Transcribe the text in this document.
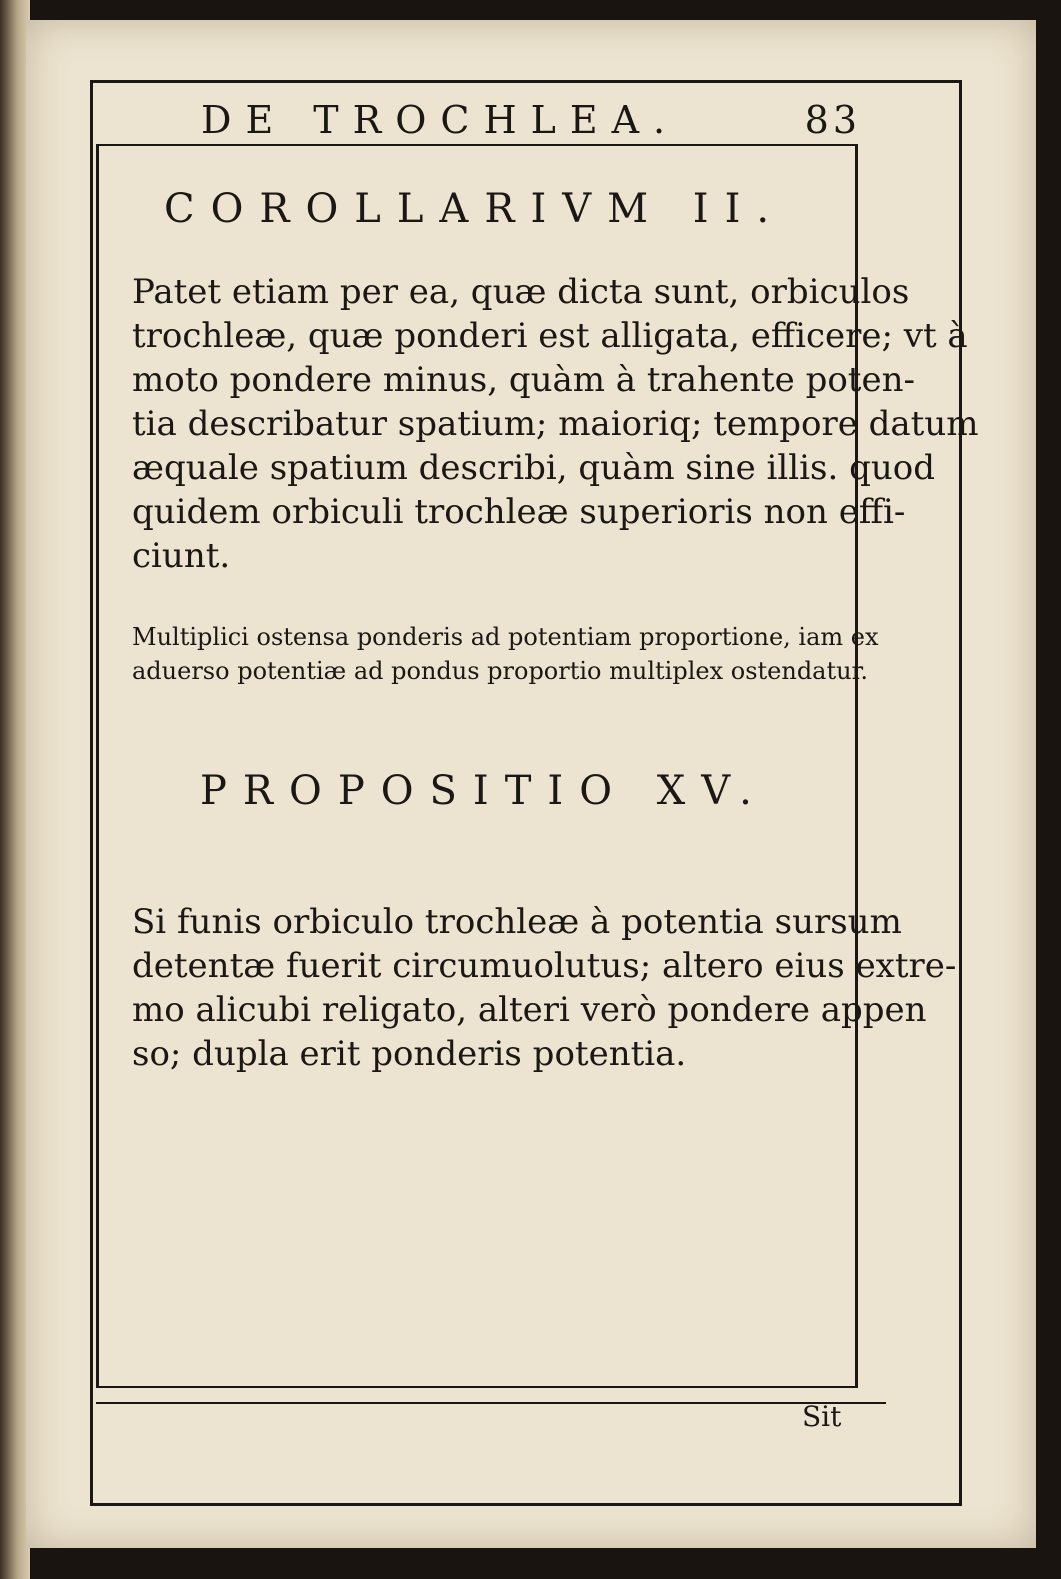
DE TROCHLEA.	83
COROLLARIVM II.
Patet etiam per ea, quæ dicta sunt, orbiculos
trochleæ, quæ ponderi est alligata, efficere; vt à
moto pondere minus, quàm à trahente poten-
tia describatur spatium; maioriq; tempore datum
æquale spatium describi, quàm sine illis. quod
quidem orbiculi trochleæ superioris non effi-
ciunt.
Multiplici ostensa ponderis ad potentiam proportione, iam ex
aduerso potentiæ ad pondus proportio multiplex ostendatur.
PROPOSITIO XV.
Si funis orbiculo trochleæ à potentia sursum
detentæ fuerit circumuolutus; altero eius extre-
mo alicubi religato, alteri verò pondere appen
so; dupla erit ponderis potentia.
Sit
